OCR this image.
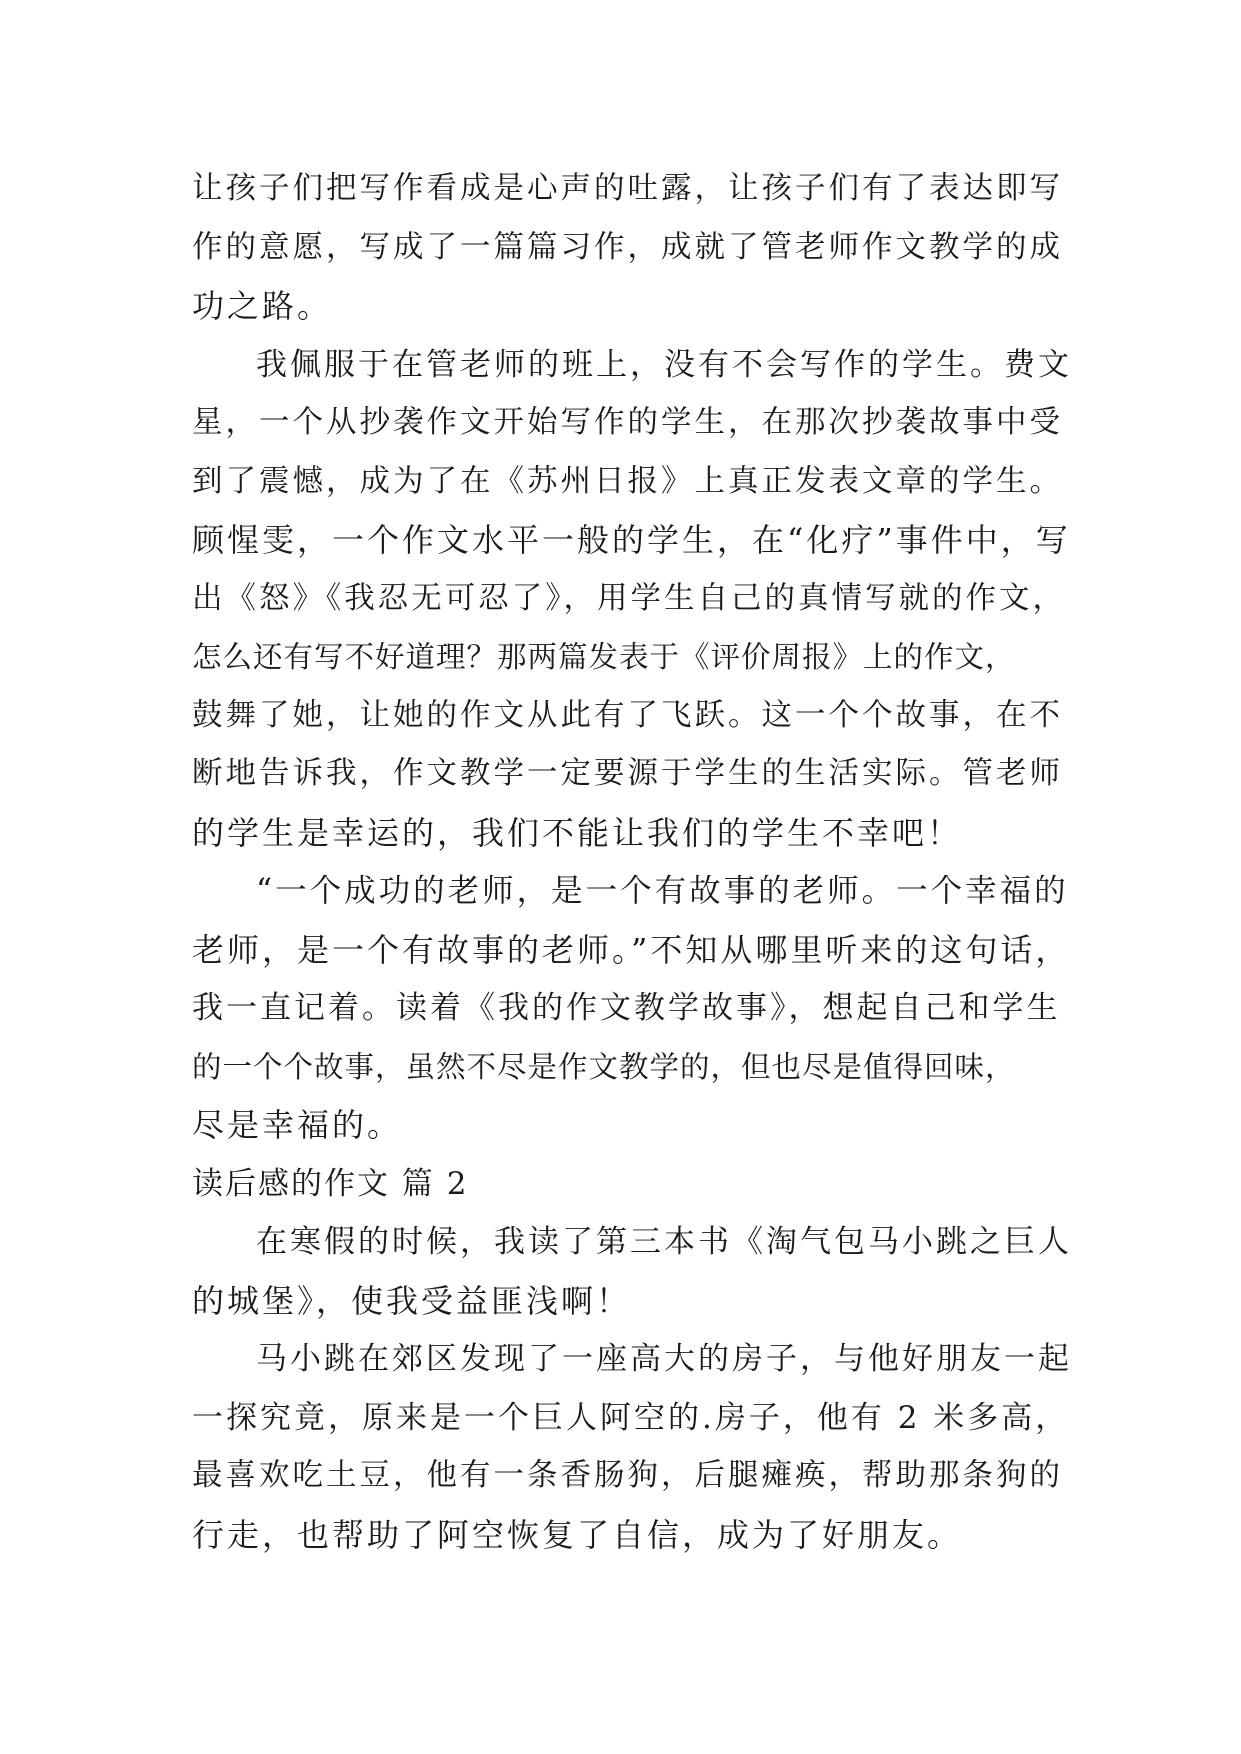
让孩子们把写作看成是心声的吐露，让孩子们有了表达即写
作的意愿，写成了一篇篇习作，成就了管老师作文教学的成
功之路。
我佩服于在管老师的班上，没有不会写作的学生。费文
星，一个从抄袭作文开始写作的学生，在那次抄袭故事中受
到了震憾，成为了在《苏州日报》上真正发表文章的学生。
顾惺雯，一个作文水平一般的学生，在“化疗”事件中，写
出《怒》《我忍无可忍了》，用学生自己的真情写就的作文，
怎么还有写不好道理？那两篇发表于《评价周报》上的作文，
鼓舞了她，让她的作文从此有了飞跃。这一个个故事，在不
断地告诉我，作文教学一定要源于学生的生活实际。管老师
的学生是幸运的，我们不能让我们的学生不幸吧！
“一个成功的老师，是一个有故事的老师。一个幸福的
老师，是一个有故事的老师。”不知从哪里听来的这句话，
我一直记着。读着《我的作文教学故事》，想起自己和学生
的一个个故事，虽然不尽是作文教学的，但也尽是值得回味，
尽是幸福的。
读后感的作文 篇 2
在寒假的时候，我读了第三本书《淘气包马小跳之巨人
的城堡》，使我受益匪浅啊！
马小跳在郊区发现了一座高大的房子，与他好朋友一起
一探究竟，原来是一个巨人阿空的.房子，他有 2 米多高，
最喜欢吃土豆，他有一条香肠狗，后腿瘫痪，帮助那条狗的
行走，也帮助了阿空恢复了自信，成为了好朋友。
